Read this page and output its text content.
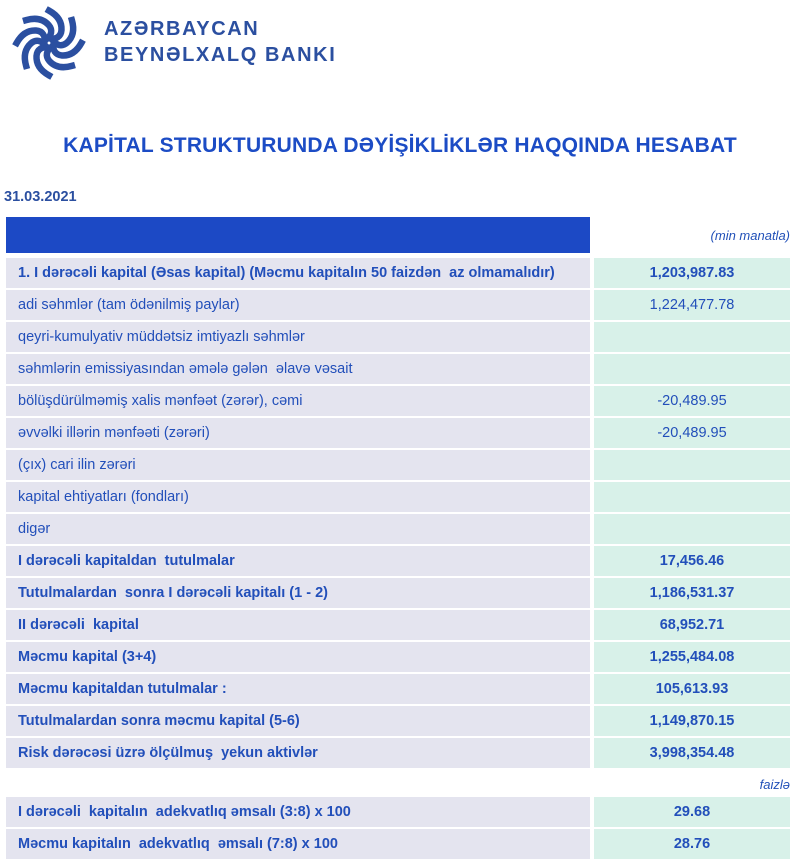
AZƏRBAYCAN
BEYNƏLXALQ BANKI
KAPİTAL STRUKTURUNDA DƏYİŞİKLİKLƏR HAQQINDA HESABAT
31.03.2021
(min manatla)
1. I dərəcəli kapital (Əsas kapital) (Məcmu kapitalın 50 faizdən  az olmamalıdır)	1,203,987.83
adi səhmlər (tam ödənilmiş paylar)	1,224,477.78
qeyri-kumulyativ müddətsiz imtiyazlı səhmlər
səhmlərin emissiyasından əmələ gələn  əlavə vəsait
bölüşdürülməmiş xalis mənfəət (zərər), cəmi	-20,489.95
əvvəlki illərin mənfəəti (zərəri)	-20,489.95
(çıx) cari ilin zərəri
kapital ehtiyatları (fondları)
digər
I dərəcəli kapitaldan  tutulmalar	17,456.46
Tutulmalardan  sonra I dərəcəli kapitalı (1 - 2)	1,186,531.37
II dərəcəli  kapital	68,952.71
Məcmu kapital (3+4)	1,255,484.08
Məcmu kapitaldan tutulmalar :	105,613.93
Tutulmalardan sonra məcmu kapital (5-6)	1,149,870.15
Risk dərəcəsi üzrə ölçülmuş  yekun aktivlər	3,998,354.48
faizlə
I dərəcəli  kapitalın  adekvatlıq əmsalı (3:8) x 100	29.68
Məcmu kapitalın  adekvatlıq  əmsalı (7:8) x 100	28.76
